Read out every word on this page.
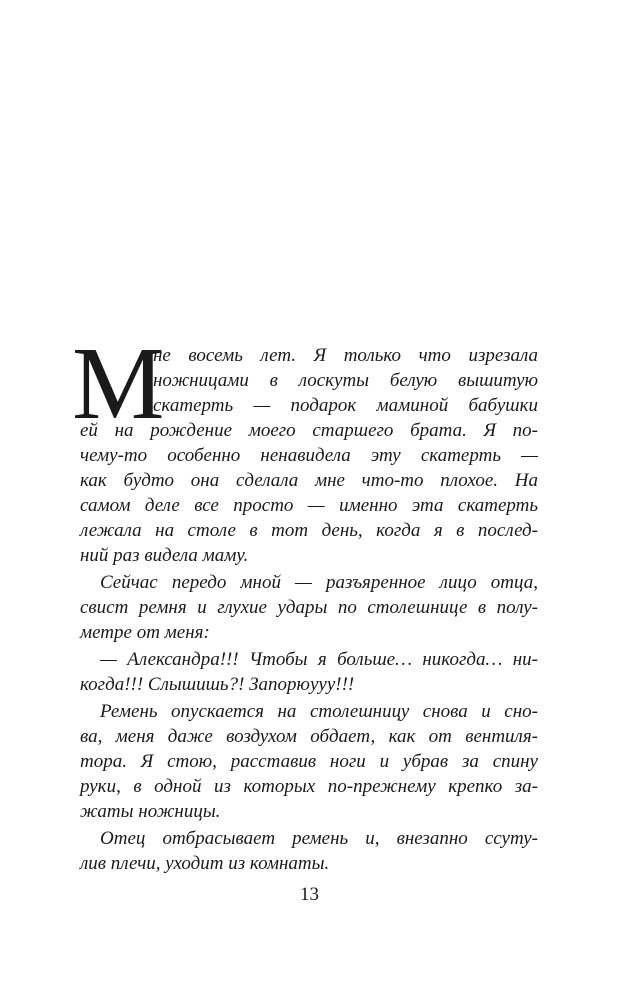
М
не восемь лет. Я только что изрезала
ножницами в лоскуты белую вышитую
скатерть — подарок маминой бабушки
ей на рождение моего старшего брата. Я по-
чему-то особенно ненавидела эту скатерть —
как будто она сделала мне что-то плохое. На
самом деле все просто — именно эта скатерть
лежала на столе в тот день, когда я в послед-
ний раз видела маму.
Сейчас передо мной — разъяренное лицо отца,
свист ремня и глухие удары по столешнице в полу-
метре от меня:
— Александра!!! Чтобы я больше… никогда… ни-
когда!!! Слышишь?! Запорюууу!!!
Ремень опускается на столешницу снова и сно-
ва, меня даже воздухом обдает, как от вентиля-
тора. Я стою, расставив ноги и убрав за спину
руки, в одной из которых по-прежнему крепко за-
жаты ножницы.
Отец отбрасывает ремень и, внезапно ссуту-
лив плечи, уходит из комнаты.
13
